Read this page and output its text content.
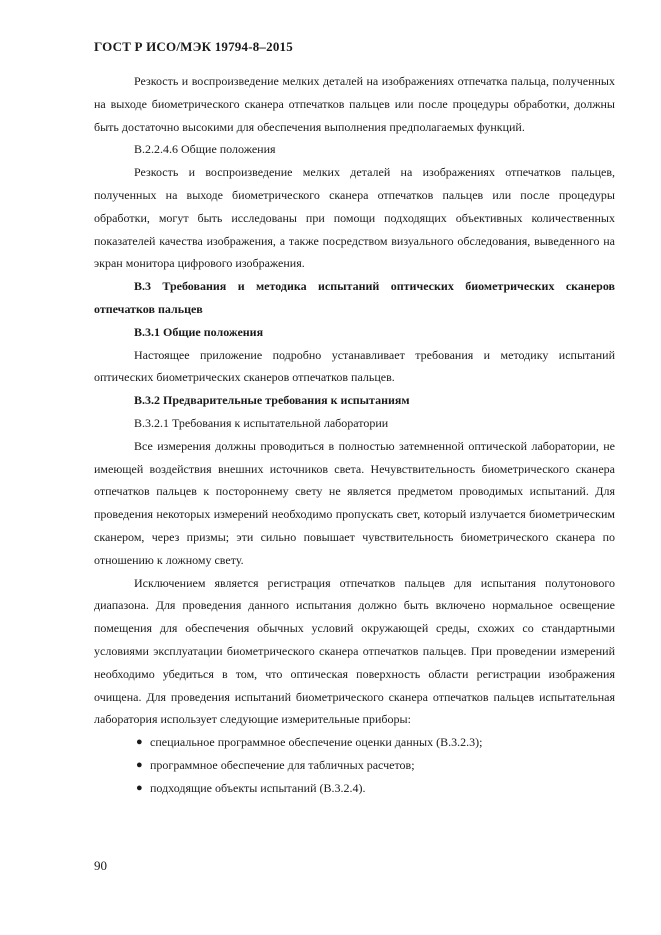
ГОСТ Р ИСО/МЭК 19794-8–2015

Резкость и воспроизведение мелких деталей на изображениях отпечатка пальца, полученных на выходе биометрического сканера отпечатков пальцев или после процедуры обработки, должны быть достаточно высокими для обеспечения выполнения предполагаемых функций.

В.2.2.4.6 Общие положения

Резкость и воспроизведение мелких деталей на изображениях отпечатков пальцев, полученных на выходе биометрического сканера отпечатков пальцев или после процедуры обработки, могут быть исследованы при помощи подходящих объективных количественных показателей качества изображения, а также посредством визуального обследования, выведенного на экран монитора цифрового изображения.

В.3 Требования и методика испытаний оптических биометрических сканеров отпечатков пальцев

В.3.1 Общие положения

Настоящее приложение подробно устанавливает требования и методику испытаний оптических биометрических сканеров отпечатков пальцев.

В.3.2 Предварительные требования к испытаниям

В.3.2.1 Требования к испытательной лаборатории

Все измерения должны проводиться в полностью затемненной оптической лаборатории, не имеющей воздействия внешних источников света. Нечувствительность биометрического сканера отпечатков пальцев к постороннему свету не является предметом проводимых испытаний. Для проведения некоторых измерений необходимо пропускать свет, который излучается биометрическим сканером, через призмы; эти сильно повышает чувствительность биометрического сканера по отношению к ложному свету.

Исключением является регистрация отпечатков пальцев для испытания полутонового диапазона. Для проведения данного испытания должно быть включено нормальное освещение помещения для обеспечения обычных условий окружающей среды, схожих со стандартными условиями эксплуатации биометрического сканера отпечатков пальцев. При проведении измерений необходимо убедиться в том, что оптическая поверхность области регистрации изображения очищена. Для проведения испытаний биометрического сканера отпечатков пальцев испытательная лаборатория использует следующие измерительные приборы:

● специальное программное обеспечение оценки данных (В.3.2.3);
● программное обеспечение для табличных расчетов;
● подходящие объекты испытаний (В.3.2.4).
90
